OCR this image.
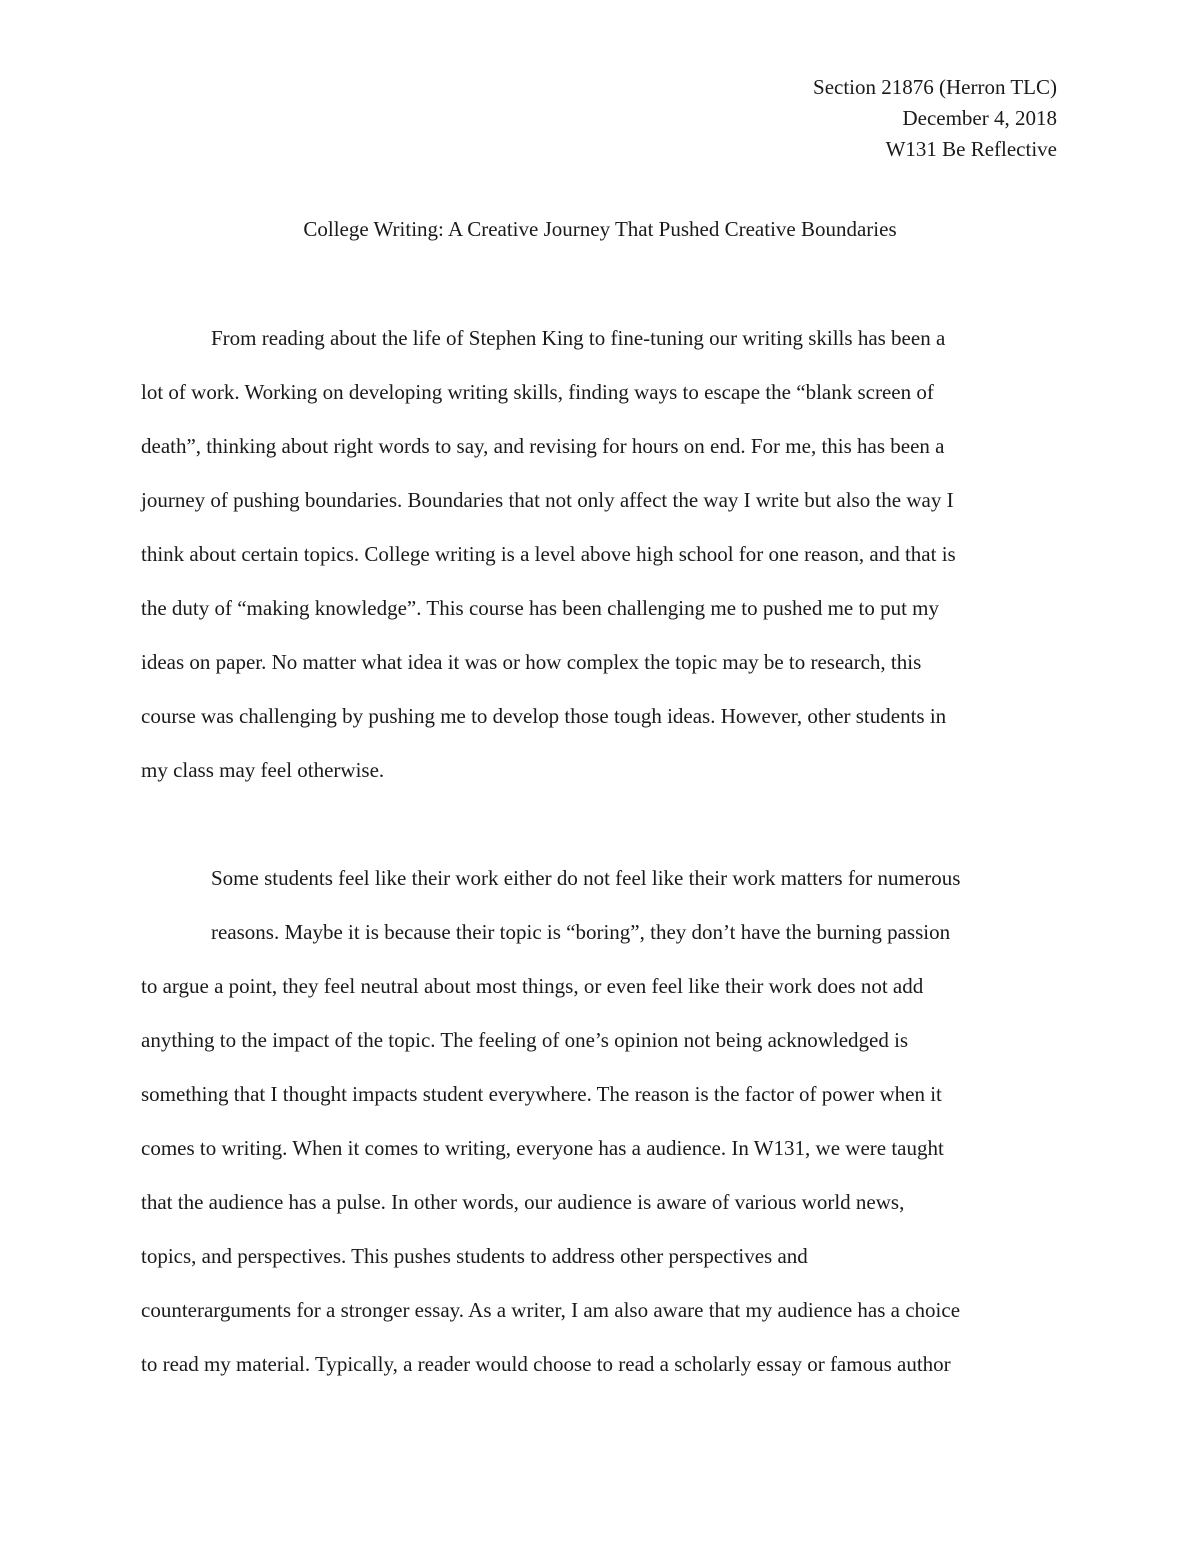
Section 21876 (Herron TLC)
December 4, 2018
W131 Be Reflective
College Writing: A Creative Journey That Pushed Creative Boundaries
From reading about the life of Stephen King to fine-tuning our writing skills has been a
lot of work. Working on developing writing skills, finding ways to escape the “blank screen of
death”, thinking about right words to say, and revising for hours on end. For me, this has been a
journey of pushing boundaries. Boundaries that not only affect the way I write but also the way I
think about certain topics. College writing is a level above high school for one reason, and that is
the duty of “making knowledge”. This course has been challenging me to pushed me to put my
ideas on paper. No matter what idea it was or how complex the topic may be to research, this
course was challenging by pushing me to develop those tough ideas. However, other students in
my class may feel otherwise.
Some students feel like their work either do not feel like their work matters for numerous
reasons. Maybe it is because their topic is “boring”, they don’t have the burning passion
to argue a point, they feel neutral about most things, or even feel like their work does not add
anything to the impact of the topic. The feeling of one’s opinion not being acknowledged is
something that I thought impacts student everywhere. The reason is the factor of power when it
comes to writing. When it comes to writing, everyone has a audience. In W131, we were taught
that the audience has a pulse. In other words, our audience is aware of various world news,
topics, and perspectives. This pushes students to address other perspectives and
counterarguments for a stronger essay. As a writer, I am also aware that my audience has a choice
to read my material. Typically, a reader would choose to read a scholarly essay or famous author
